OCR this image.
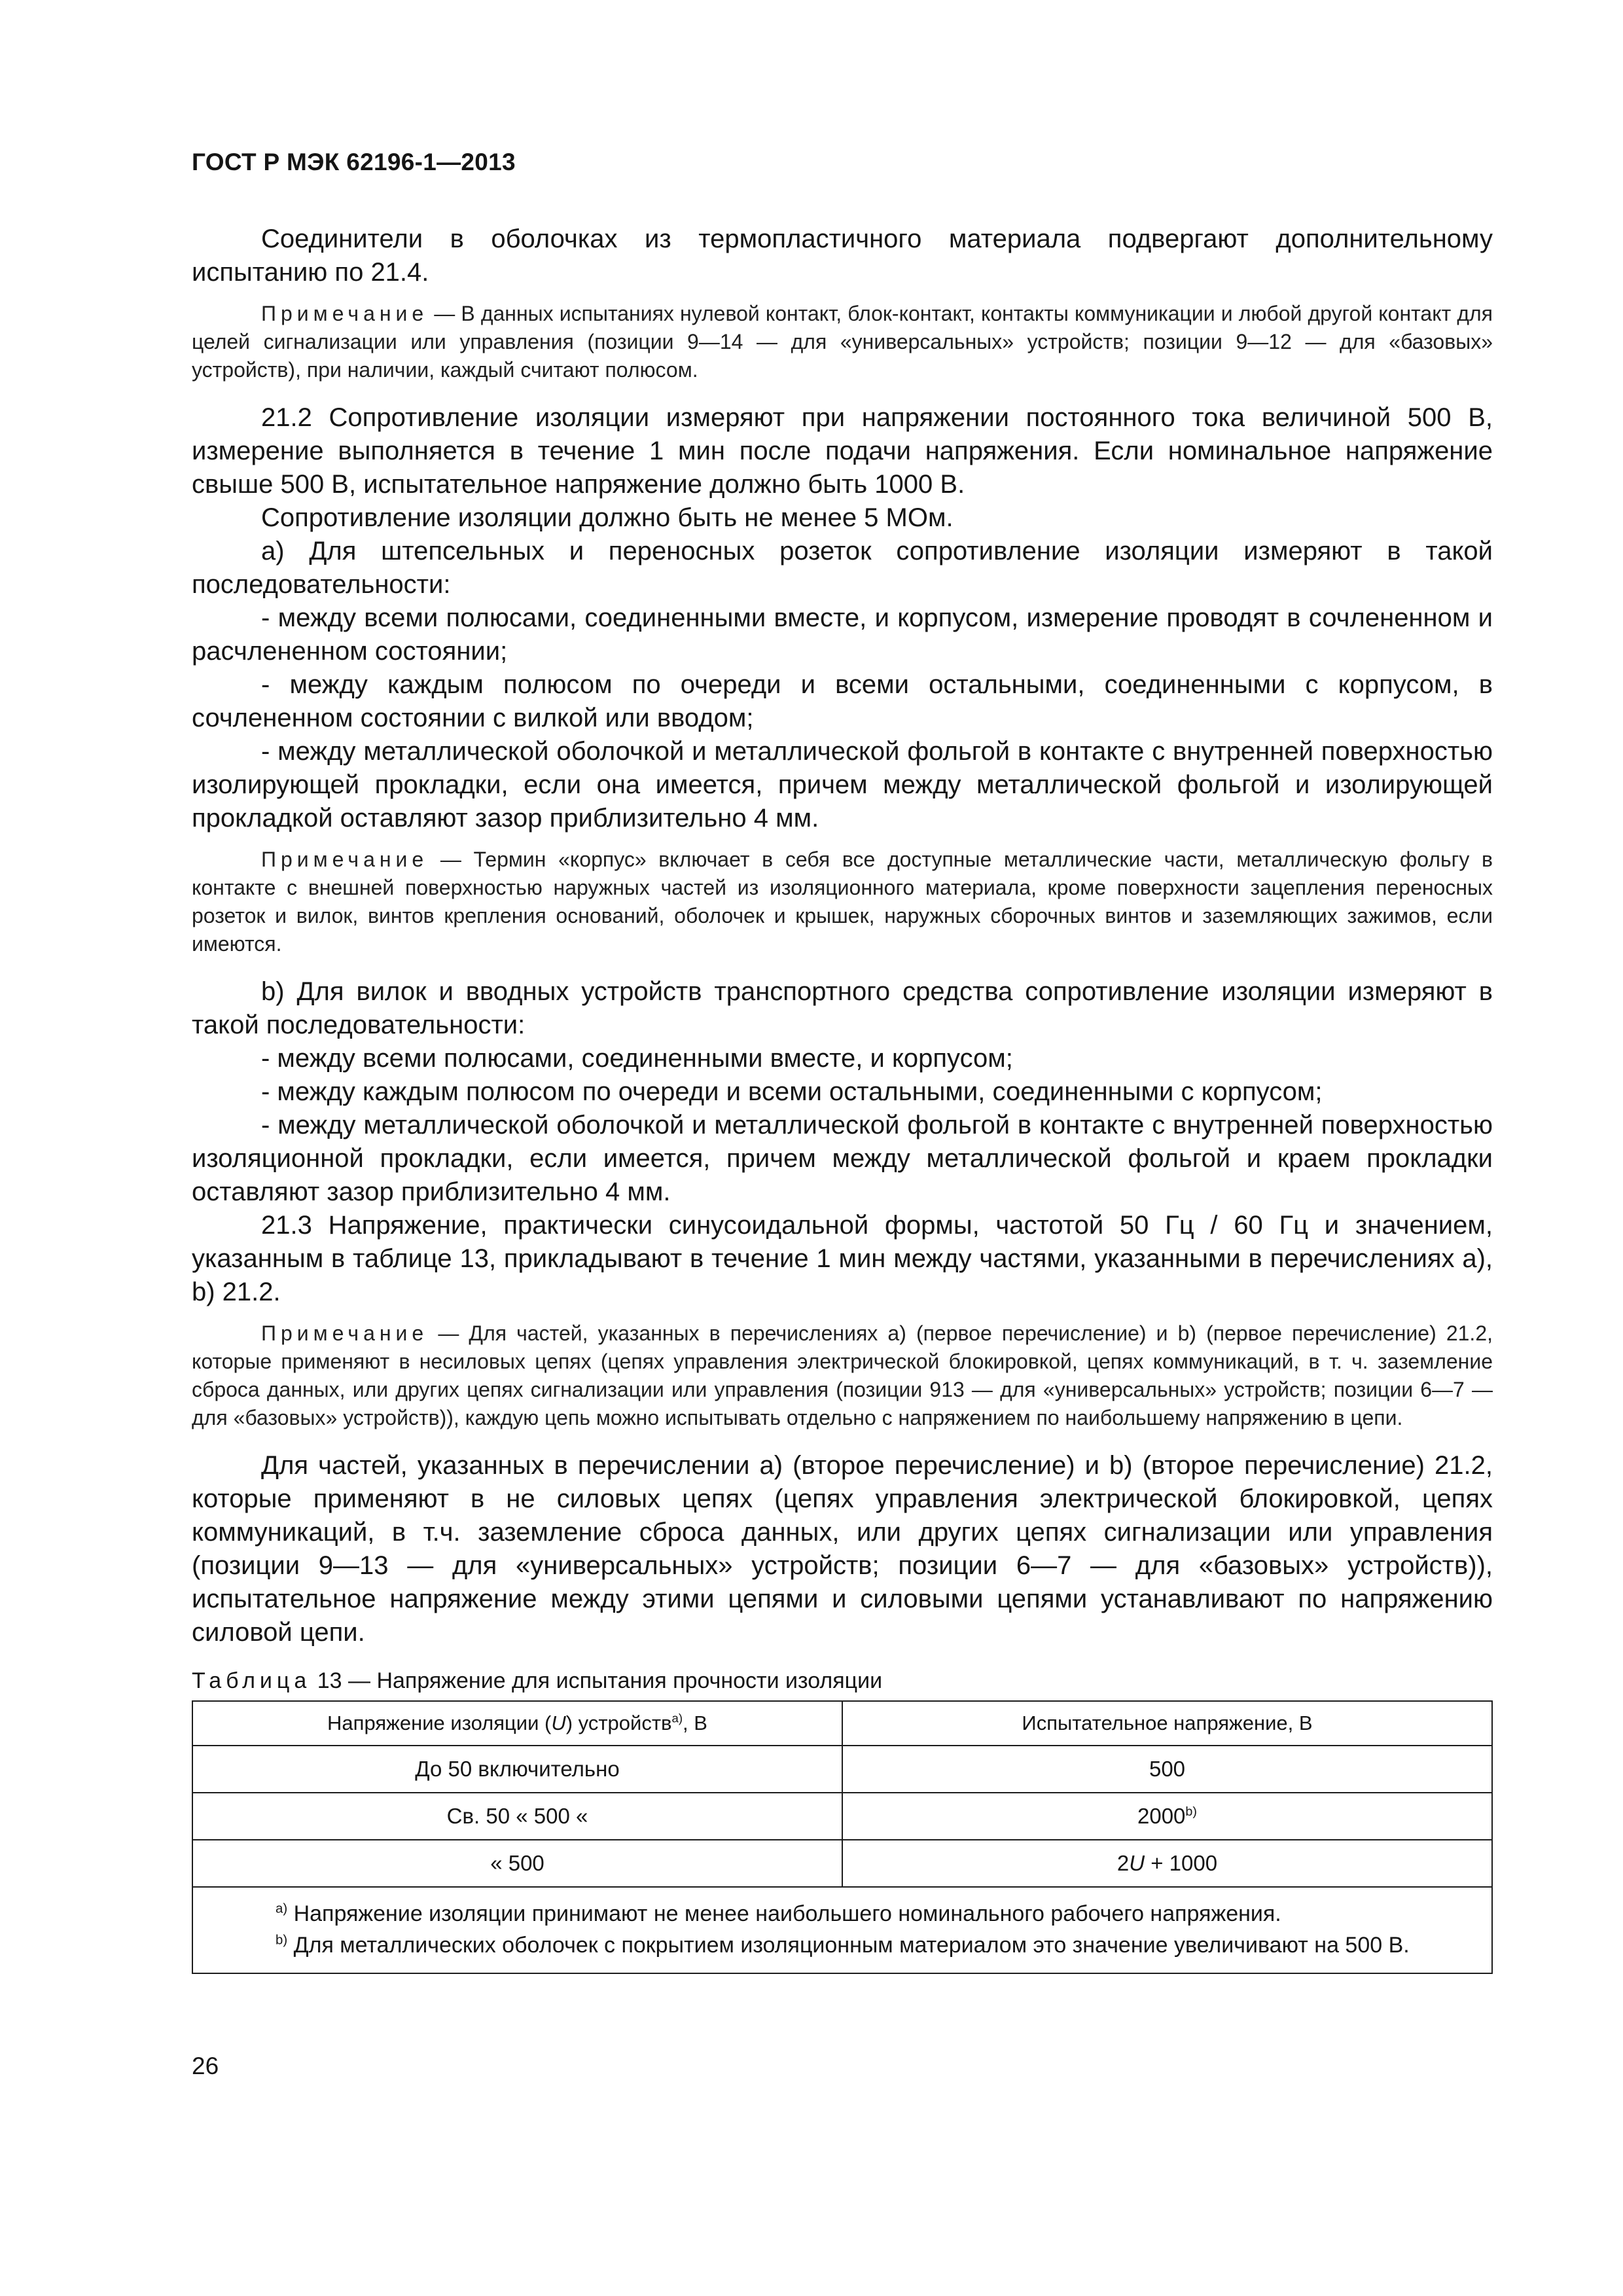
ГОСТ Р МЭК 62196-1—2013

Соединители в оболочках из термопластичного материала подвергают дополнительному испытанию по 21.4.

Примечание — В данных испытаниях нулевой контакт, блок-контакт, контакты коммуникации и любой другой контакт для целей сигнализации или управления (позиции 9—14 — для «универсальных» устройств; позиции 9—12 — для «базовых» устройств), при наличии, каждый считают полюсом.

21.2 Сопротивление изоляции измеряют при напряжении постоянного тока величиной 500 В, измерение выполняется в течение 1 мин после подачи напряжения. Если номинальное напряжение свыше 500 В, испытательное напряжение должно быть 1000 В.

Сопротивление изоляции должно быть не менее 5 МОм.

а) Для штепсельных и переносных розеток сопротивление изоляции измеряют в такой последовательности:

- между всеми полюсами, соединенными вместе, и корпусом, измерение проводят в сочлененном и расчлененном состоянии;

- между каждым полюсом по очереди и всеми остальными, соединенными с корпусом, в сочлененном состоянии с вилкой или вводом;

- между металлической оболочкой и металлической фольгой в контакте с внутренней поверхностью изолирующей прокладки, если она имеется, причем между металлической фольгой и изолирующей прокладкой оставляют зазор приблизительно 4 мм.

Примечание — Термин «корпус» включает в себя все доступные металлические части, металлическую фольгу в контакте с внешней поверхностью наружных частей из изоляционного материала, кроме поверхности зацепления переносных розеток и вилок, винтов крепления оснований, оболочек и крышек, наружных сборочных винтов и заземляющих зажимов, если имеются.

b) Для вилок и вводных устройств транспортного средства сопротивление изоляции измеряют в такой последовательности:

- между всеми полюсами, соединенными вместе, и корпусом;

- между каждым полюсом по очереди и всеми остальными, соединенными с корпусом;

- между металлической оболочкой и металлической фольгой в контакте с внутренней поверхностью изоляционной прокладки, если имеется, причем между металлической фольгой и краем прокладки оставляют зазор приблизительно 4 мм.

21.3 Напряжение, практически синусоидальной формы, частотой 50 Гц / 60 Гц и значением, указанным в таблице 13, прикладывают в течение 1 мин между частями, указанными в перечислениях а), b) 21.2.

Примечание — Для частей, указанных в перечислениях а) (первое перечисление) и b) (первое перечисление) 21.2, которые применяют в несиловых цепях (цепях управления электрической блокировкой, цепях коммуникаций, в т. ч. заземление сброса данных, или других цепях сигнализации или управления (позиции 913 — для «универсальных» устройств; позиции 6—7 — для «базовых» устройств)), каждую цепь можно испытывать отдельно с напряжением по наибольшему напряжению в цепи.

Для частей, указанных в перечислении а) (второе перечисление) и b) (второе перечисление) 21.2, которые применяют в не силовых цепях (цепях управления электрической блокировкой, цепях коммуникаций, в т.ч. заземление сброса данных, или других цепях сигнализации или управления (позиции 9—13 — для «универсальных» устройств; позиции 6—7 — для «базовых» устройств)), испытательное напряжение между этими цепями и силовыми цепями устанавливают по напряжению силовой цепи.

Таблица 13 — Напряжение для испытания прочности изоляции

Напряжение изоляции (U) устройств$^{а)}$, В	Испытательное напряжение, В
До 50 включительно	500
Св. 50 « 500 «	2000$^{b)}$
« 500	2U + 1000

$^{а)}$ Напряжение изоляции принимают не менее наибольшего номинального рабочего напряжения.

$^{b)}$ Для металлических оболочек с покрытием изоляционным материалом это значение увеличивают на 500 В.	

26
